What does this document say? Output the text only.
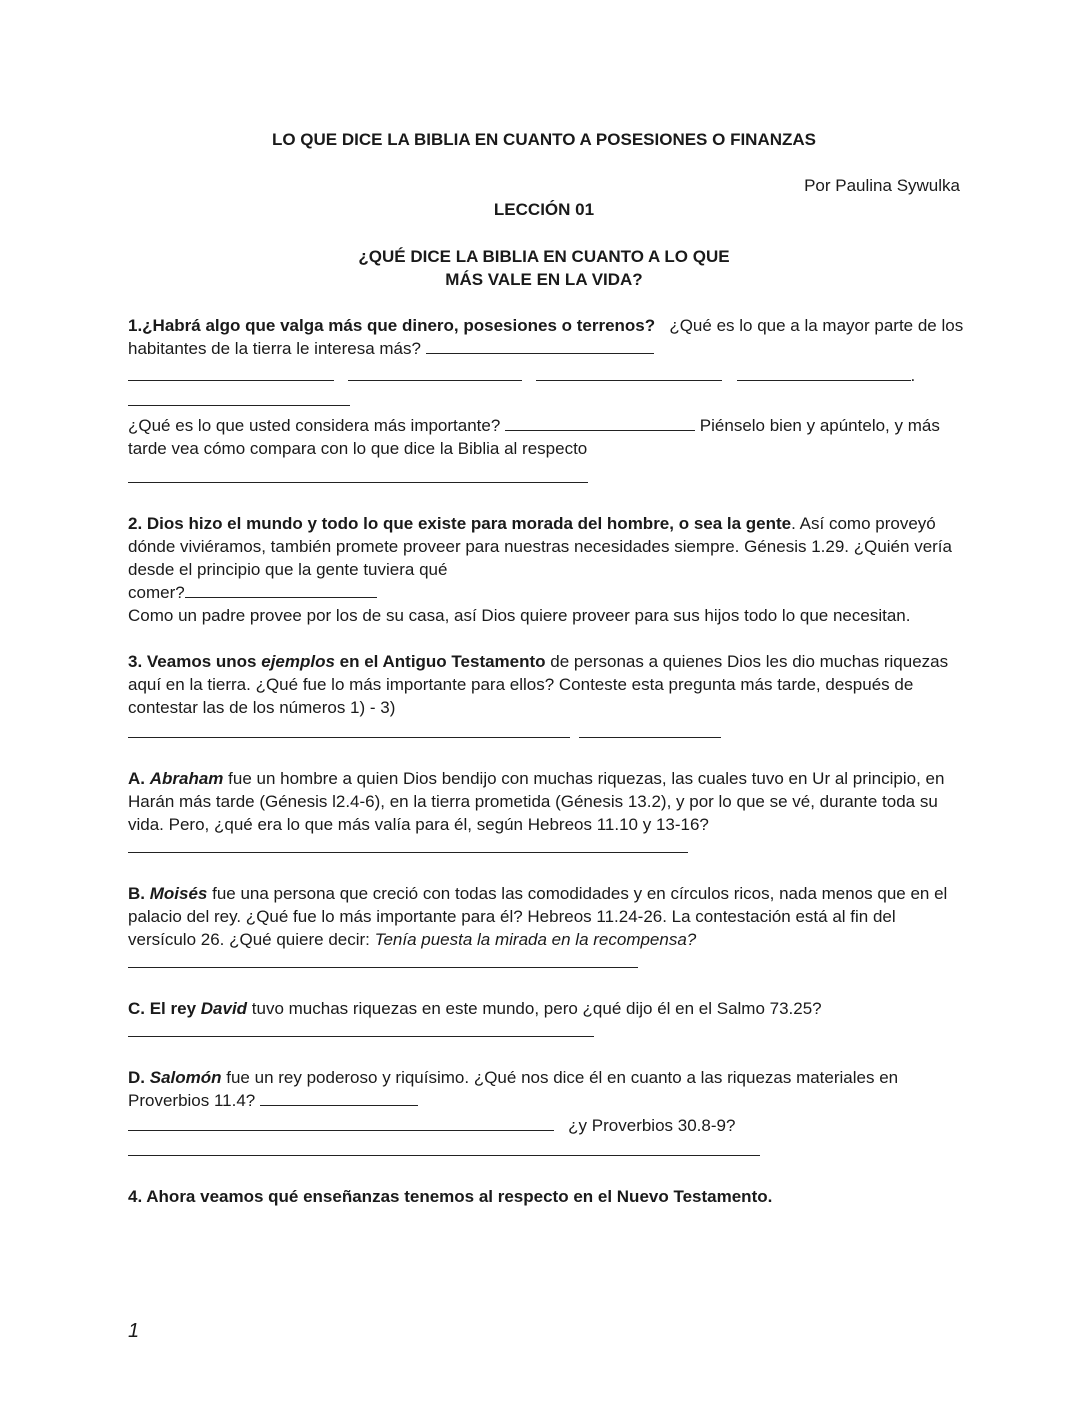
LO QUE DICE LA BIBLIA EN CUANTO A POSESIONES O FINANZAS
Por Paulina Sywulka
LECCIÓN 01
¿QUÉ DICE LA BIBLIA EN CUANTO A LO QUE
MÁS VALE EN LA VIDA?

1.¿Habrá algo que valga más que dinero, posesiones o terrenos? ¿Qué es lo que a la mayor parte de los habitantes de la tierra le interesa más?

.

¿Qué es lo que usted considera más importante?	Piénselo bien y apúntelo, y más tarde vea cómo compara con lo que dice la Biblia al respecto

2. Dios hizo el mundo y todo lo que existe para morada del hombre, o sea la gente. Así como proveyó dónde viviéramos, también promete proveer para nuestras necesidades siempre. Génesis 1.29. ¿Quién vería desde el principio que la gente tuviera qué
comer?
Como un padre provee por los de su casa, así Dios quiere proveer para sus hijos todo lo que necesitan.

3. Veamos unos ejemplos en el Antiguo Testamento de personas a quienes Dios les dio muchas riquezas aquí en la tierra. ¿Qué fue lo más importante para ellos? Conteste esta pregunta más tarde, después de contestar las de los números 1) - 3)

A. Abraham fue un hombre a quien Dios bendijo con muchas riquezas, las cuales tuvo en Ur al principio, en Harán más tarde (Génesis l2.4-6), en la tierra prometida (Génesis 13.2), y por lo que se vé, durante toda su vida. Pero, ¿qué era lo que más valía para él, según Hebreos 11.10 y 13-16?

B. Moisés fue una persona que creció con todas las comodidades y en círculos ricos, nada menos que en el palacio del rey. ¿Qué fue lo más importante para él? Hebreos 11.24-26. La contestación está al fin del versículo 26. ¿Qué quiere decir: Tenía puesta la mirada en la recompensa?

C. El rey David tuvo muchas riquezas en este mundo, pero ¿qué dijo él en el Salmo 73.25?

D. Salomón fue un rey poderoso y riquísimo. ¿Qué nos dice él en cuanto a las riquezas materiales en Proverbios 11.4?

¿y Proverbios 30.8-9?

4. Ahora veamos qué enseñanzas tenemos al respecto en el Nuevo Testamento.

1
